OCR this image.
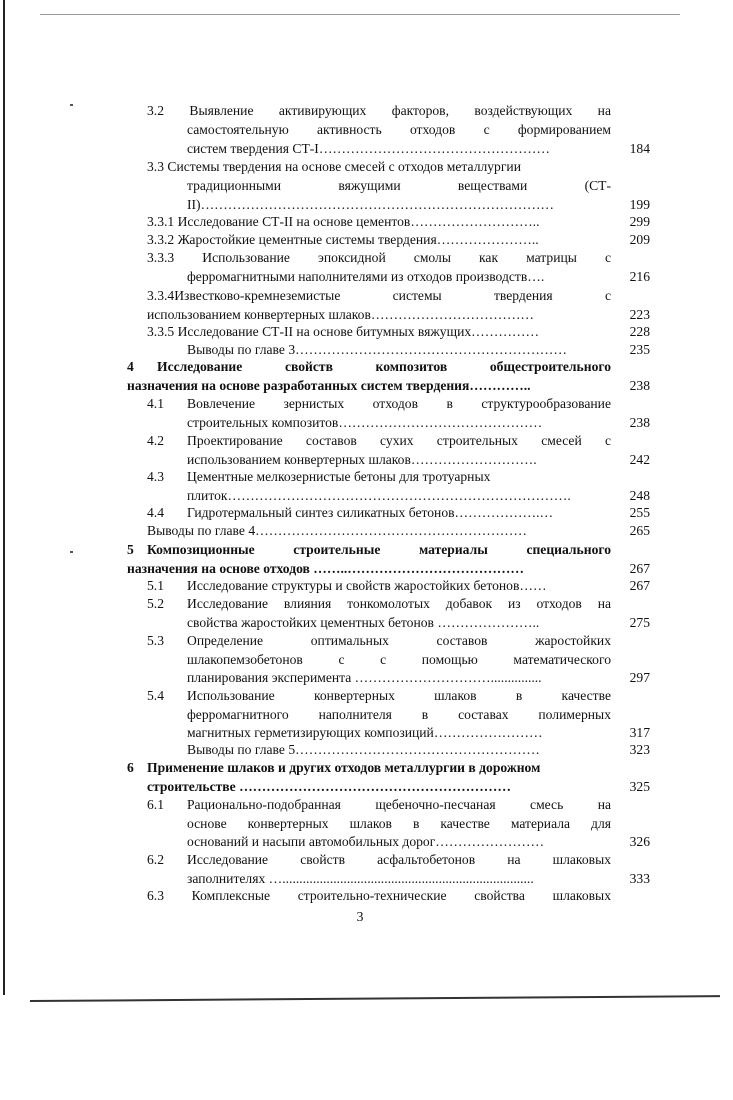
3.2 Выявление активирующих факторов, воздействующих на
самостоятельную активность отходов с формированием
систем твердения СТ-I……………………………………………	184
3.3 Системы твердения на основе смесей с отходов металлургии
традиционными вяжущими веществами (СТ-
II)……………………………………………………………………	199
3.3.1 Исследование СТ-II на основе цементов………………………..	299
3.3.2 Жаростойкие цементные системы твердения…………………..	209
3.3.3 Использование эпоксидной смолы как матрицы с
ферромагнитными наполнителями из отходов производств….	216
3.3.4Известково-кремнеземистые системы твердения с
использованием конвертерных шлаков………………………………	223
3.3.5 Исследование СТ-II на основе битумных вяжущих……………	228
Выводы по главе 3……………………………………………………	235
4 Исследование свойств композитов общестроительного
назначения на основе разработанных систем твердения…………..	238
4.1 Вовлечение зернистых отходов в структурообразование
строительных композитов………………………………………	238
4.2 Проектирование составов сухих строительных смесей с
использованием конвертерных шлаков……………………….	242
4.3 Цементные мелкозернистые бетоны для тротуарных
плиток………………………………………………………………….	248
4.4 Гидротермальный синтез силикатных бетонов……………….…	255
Выводы по главе 4……………………………………………………	265
5 Композиционные строительные материалы специального
назначения на основе отходов ……..…………………………………	267
5.1 Исследование структуры и свойств жаростойких бетонов……	267
5.2 Исследование влияния тонкомолотых добавок из отходов на
свойства жаростойких цементных бетонов …………………..	275
5.3 Определение оптимальных составов жаростойких
шлакопемзобетонов с с помощью математического
планирования эксперимента …………………………...............	297
5.4 Использование конвертерных шлаков в качестве
ферромагнитного наполнителя в составах полимерных
магнитных герметизирующих композиций……………………	317
Выводы по главе 5………………………………………………	323
6 Применение шлаков и других отходов металлургии в дорожном
строительстве ……………………………………………………	325
6.1 Рационально-подобранная щебеночно-песчаная смесь на
основе конвертерных шлаков в качестве материала для
оснований и насыпи автомобильных дорог……………………	326
6.2 Исследование свойств асфальтобетонов на шлаковых
заполнителях …..........................................................................	333
6.3 Комплексные строительно-технические свойства шлаковых
3
